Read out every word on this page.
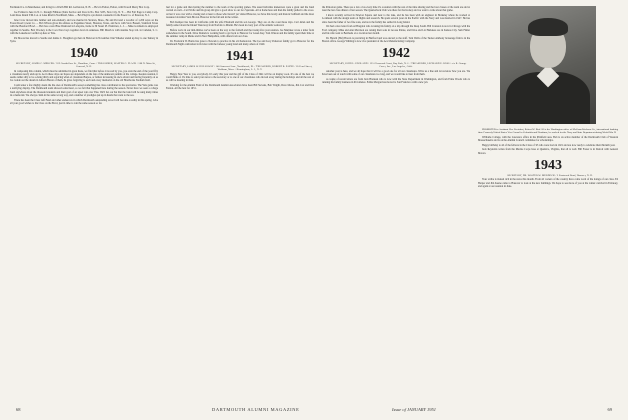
Ferdinand Co. in Manchester, and living in a Worth Hill Rd. Goffstown, N. H. ... He's in Fulton, Fulton, with Nowell Merry Box Corp.

Joe Folmer is here in N. C. through Fillmore Nutts Service and lives in No. Box 3235, New City, N. Y. ... Hal Foll Page is Camp Corp. Land Rose Island Y.M.C.A. at Lake Rind in Northfield, Mass. ... Bev Pluyn's a probation counsellor in the Essex Co. of Paterson, N. J.

Jane Crow moved into lumber and auto-industry and was married in Stratton, Mass., He and Pat tend a woodlot of 1,200 acres on the Forest Road Cowan Co. ... Bob Wilson gives his address as Esquimeu Street, Houston, Texas, and he is with Stow Bassett, Stamford Texas with the Hereford Bowl. ... Bob has a new Blue Diamond in Lafayette, home is 39 Stuart Pl. Plainview, L. I. ... Mike Goldstein is employed together in Seattle. Bob Woolsey is the Coca Nora boys together down in Arkansas. Bill Marsh is with Jeannie Stop Ltd. in Camden, S. C. with the Lakeshore Conflict up here at Yale.

Pat Moore has moved to Seattle and Jennie C. Houghton got hers in Hanover in November. Dan Wheeler ended up Kay to one Temery in Syria.

1940

SECRETARY, JAMES C. MERCER / 319 Goodfellow St., Hamilton, Conn. / TREASURER, WALTER G. FLACK / 188 N. Main St., Concord, N. H.

In composing this column, which must be submitted in great haste, we find that before it is read by you, you even the end of the year fifty a classmate nearly ends up in. As in these days our hopes are dependent on the fate of the unknown permits of the college. Keenan reunion, it seems rather silly to be a-doing thirty and rejoicing when of classmate Burpee, or fathers increasing in one's advent and having fraternity on as Jor. Guide out the dream in Gibson Haven of them, he gives forgiving to each and every memorial on the old Hawthorne Stadium field.

Could enter a few mighty deeds the the ones of Dartmouth's season something has class contributed to the sportswire. The Yale game was a terrifying display. The Dartmouth team showed some heart, so we felt that happened here during the season. Never have we seen a college band anywhere about the thousand students and their goal of an upset win over Yale. We'll bet our hat that the band will be sung many times in a memorial. We always claim in the same wrong way, and a number of prodigies put up in hands that went to the sea.

There has been the Class Gift Fund and other endeavors in which Dartmouth outstanding record will become a reality in this spring. Give all your good wishes to the Class on the Bowl, just in time to win the same season so far.

feel for a game and then having the number to the team of the sporting games. The usual half-time maneuvers were a great and the band carried on well—Carl Wolfe and his group did give a good show to our two Spartans. All at home here and then the family pulled to the score. At last it was over with a closing and at least to those who haven't yet visited Hanover, we have this lovely and historic ballfield and the most treasured old-timer Vern Brown. Hanover in the fall and in the winter.

Bob Kemper has been in California with his wife Elisabeth and his son George. They are on the coast these days. Carl Allen and his family sailed down the Inland Waterway from Norfolk to Miami. He's been in every port of the Atlantic seaboard.

Before we're in our mid-thirties we've been on the way to the fortieth and the twenty-five year reunion. Joe Martinez wrote a letter from somewhere in the South. Dave Daniels is working hard to get back to Hanover for Green Key. Tom Watson and his family spent their time at the summer camp in Maine and in New Hampshire, with others from our class.

Dr. Frederick W. Burns has gone to Newark to practice in his old hometown. The Joe and Lucy Patterson family got to Hanover for the Dartmouth Night celebration in October with the famous young band and many others of 1940.

1941

SECRETARY, JAMES W. HOLLOWAY / 140 Somerset Lane, Northbrook, Ill. / TREASURER, ROBERT B. PAYNE / 65 Pearl Street, Waltham, Mass. / Birmingham, L. I., N. Y.

Happy New Year to you, everybody. It's early this year and the gift of the Class of 1941 will be on display soon. It's one of the best we could think of. It's time to send your news to the secretary or to one of our classmates who moved away during the holidays and all the rest of us will be meeting in June.

Working for the Alumni Fund of the Dartmouth Alumni Association have been Bill Stevens, Bob Wright, Dave Morse, Jim Cox and Don Fenton. All the best for 1951.

the Princeton game. There are a few of us every time it's a reunion with the rest of the time sharing and the four classes of the team are and at least the last class dinner of last season. The Quarterback Club was there for the hockey and we want to write about that game.

I know recently arrived in Newton Square and near to the lake, and he has been with an engineer in Berkeley where he worked at Lockheed with the design team on flights and research. He spent several years in the Pacific with the Navy and was married in 1947. He has since been the father of two fine sons, and now the family has settled in Long Island.

We had a nice letter from Al Bragdon who is taking his family on a trip through the Deep South. Bill Cranston is now in Chicago with the Ford company. Mike and Ann Morrison are raising their sons in Grosse Pointe, and Dave and Liz Harkness are in Kansas City. Sam Fisher and his wife went to Bermuda on a vacation last month.

Dr. Harold (Hal) Brown is practicing in Hartford and was elected to the staff. Tom Wells of the Tucker Anthony brokerage firm is in the Boston office. George Whiting is now vice president of the Ace Manufacturing Company.

1942

SECRETARY, JOHN L. ENGLAND / 135 Glenwood Court, Bay Park, N. J. / TREASURER, LEONARD E. ROSS / c/o R. Grange Cover, Inc., Los Angeles, Calif.

Another year is here, and we all hope that it will be a good one for all our classmates. Write us a line and let us know how you are. We have been out of touch with some of our classmates too long, and we would like to hear from them.

A couple of recent letters are from Jack Brennan who is now with the State Department in Washington, and from Ernie Woods who is running his family business in Providence. Eddie Morgan has moved to San Francisco with a new job.

PROMOTED to Assistant Vice President, Robert W. Bird '41 is the Washington office of McCann-Erickson Co., international banking firm. Formerly United States Vice Consul in Colombia and Honduras, he worked for the Navy and State Department during World War II.

Williams College, with the Lawrence office in the Pittsfield area. Bob is an active member of the Dartmouth Club of Western Massachusetts and is on the Alumni Council committee for scholarships.

Happy birthday to all of the fellows in the Class of '43 who were born in 1921 and are now ready to celebrate their thirtieth year.

Jack Reynolds writes from the Marine Corps base at Quantico, Virginia, that all is well. Bill Foster is in Detroit with General Motors.

1943

SECRETARY, DR. WALTER W. MURDOCK / 2 Eastwood Road, Hanover, N. H.

Your scribe is indeed rich in the news this month. From all corners of the country have come word of the doings of our class. Ed Harper and Jim Keane came to Hanover to look at the new buildings. We hope to see more of you at the winter carnival in February, and again at our reunion in June.

68	DARTMOUTH ALUMNI MAGAZINE	Issue of JANUARY 1951	69
